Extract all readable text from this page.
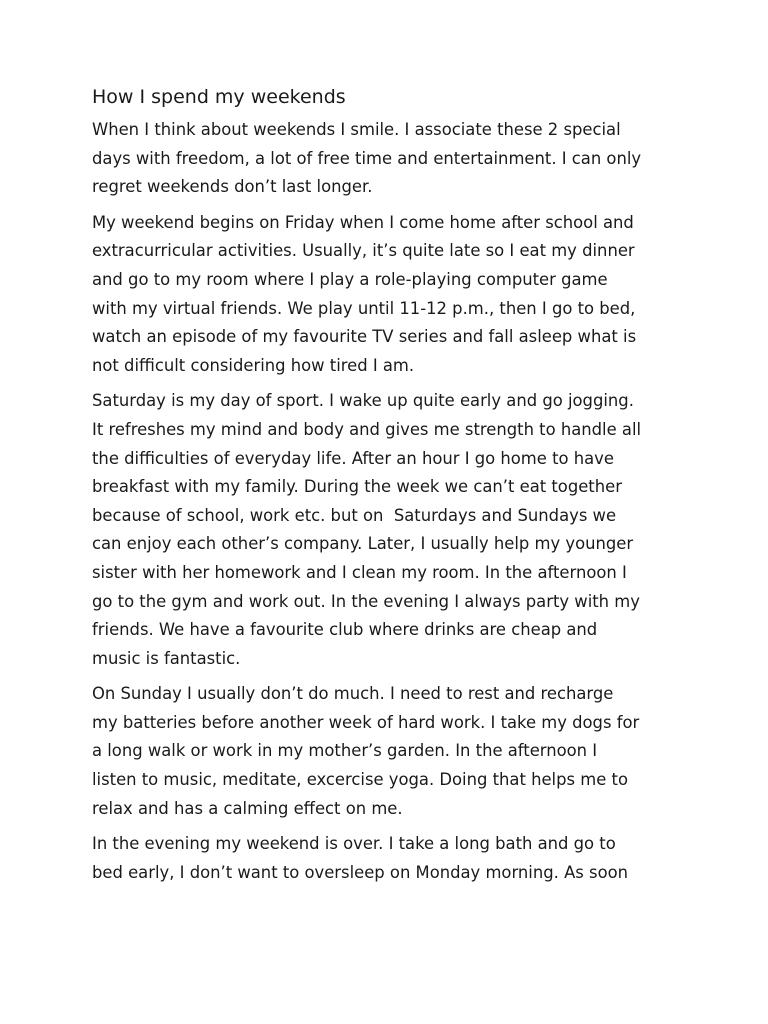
How I spend my weekends

When I think about weekends I smile. I associate these 2 special
days with freedom, a lot of free time and entertainment. I can only
regret weekends don’t last longer.

My weekend begins on Friday when I come home after school and
extracurricular activities. Usually, it’s quite late so I eat my dinner
and go to my room where I play a role-playing computer game
with my virtual friends. We play until 11-12 p.m., then I go to bed,
watch an episode of my favourite TV series and fall asleep what is
not difficult considering how tired I am.

Saturday is my day of sport. I wake up quite early and go jogging.
It refreshes my mind and body and gives me strength to handle all
the difficulties of everyday life. After an hour I go home to have
breakfast with my family. During the week we can’t eat together
because of school, work etc. but on  Saturdays and Sundays we
can enjoy each other’s company. Later, I usually help my younger
sister with her homework and I clean my room. In the afternoon I
go to the gym and work out. In the evening I always party with my
friends. We have a favourite club where drinks are cheap and
music is fantastic.

On Sunday I usually don’t do much. I need to rest and recharge
my batteries before another week of hard work. I take my dogs for
a long walk or work in my mother’s garden. In the afternoon I
listen to music, meditate, excercise yoga. Doing that helps me to
relax and has a calming effect on me.

In the evening my weekend is over. I take a long bath and go to
bed early, I don’t want to oversleep on Monday morning. As soon
